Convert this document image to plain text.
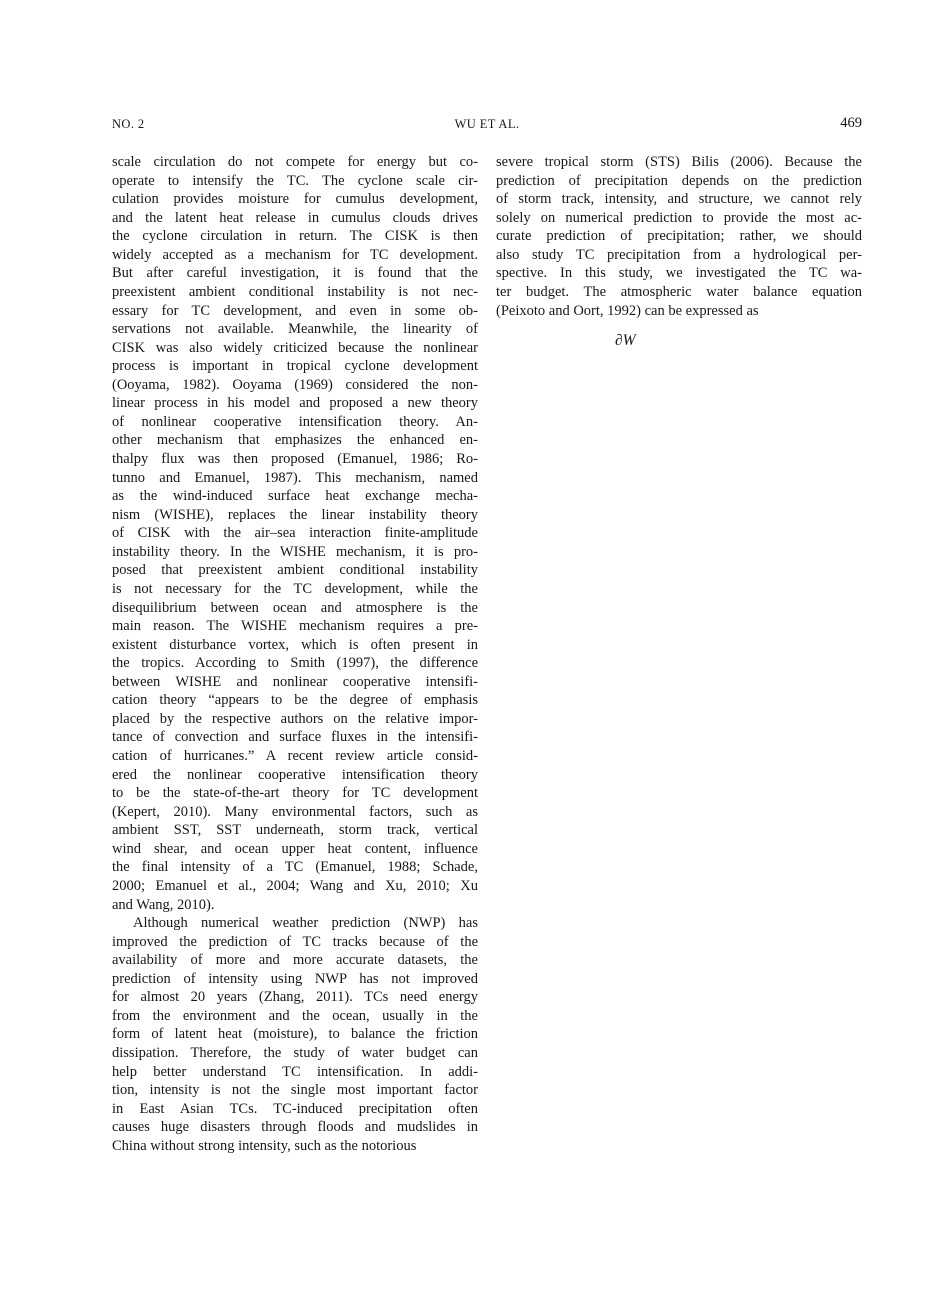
NO. 2	WU ET AL.	469
scale circulation do not compete for energy but co-
operate to intensify the TC. The cyclone scale cir-
culation provides moisture for cumulus development,
and the latent heat release in cumulus clouds drives
the cyclone circulation in return. The CISK is then
widely accepted as a mechanism for TC development.
But after careful investigation, it is found that the
preexistent ambient conditional instability is not nec-
essary for TC development, and even in some ob-
servations not available. Meanwhile, the linearity of
CISK was also widely criticized because the nonlinear
process is important in tropical cyclone development
(Ooyama, 1982). Ooyama (1969) considered the non-
linear process in his model and proposed a new theory
of nonlinear cooperative intensification theory. An-
other mechanism that emphasizes the enhanced en-
thalpy flux was then proposed (Emanuel, 1986; Ro-
tunno and Emanuel, 1987). This mechanism, named
as the wind-induced surface heat exchange mecha-
nism (WISHE), replaces the linear instability theory
of CISK with the air–sea interaction finite-amplitude
instability theory. In the WISHE mechanism, it is pro-
posed that preexistent ambient conditional instability
is not necessary for the TC development, while the
disequilibrium between ocean and atmosphere is the
main reason. The WISHE mechanism requires a pre-
existent disturbance vortex, which is often present in
the tropics. According to Smith (1997), the difference
between WISHE and nonlinear cooperative intensifi-
cation theory “appears to be the degree of emphasis
placed by the respective authors on the relative impor-
tance of convection and surface fluxes in the intensifi-
cation of hurricanes.” A recent review article consid-
ered the nonlinear cooperative intensification theory
to be the state-of-the-art theory for TC development
(Kepert, 2010). Many environmental factors, such as
ambient SST, SST underneath, storm track, vertical
wind shear, and ocean upper heat content, influence
the final intensity of a TC (Emanuel, 1988; Schade,
2000; Emanuel et al., 2004; Wang and Xu, 2010; Xu
and Wang, 2010).
Although numerical weather prediction (NWP) has
improved the prediction of TC tracks because of the
availability of more and more accurate datasets, the
prediction of intensity using NWP has not improved
for almost 20 years (Zhang, 2011). TCs need energy
from the environment and the ocean, usually in the
form of latent heat (moisture), to balance the friction
dissipation. Therefore, the study of water budget can
help better understand TC intensification. In addi-
tion, intensity is not the single most important factor
in East Asian TCs. TC-induced precipitation often
causes huge disasters through floods and mudslides in
China without strong intensity, such as the notorious
severe tropical storm (STS) Bilis (2006). Because the
prediction of precipitation depends on the prediction
of storm track, intensity, and structure, we cannot rely
solely on numerical prediction to provide the most ac-
curate prediction of precipitation; rather, we should
also study TC precipitation from a hydrological per-
spective. In this study, we investigated the TC wa-
ter budget. The atmospheric water balance equation
(Peixoto and Oort, 1992) can be expressed as
∂W
